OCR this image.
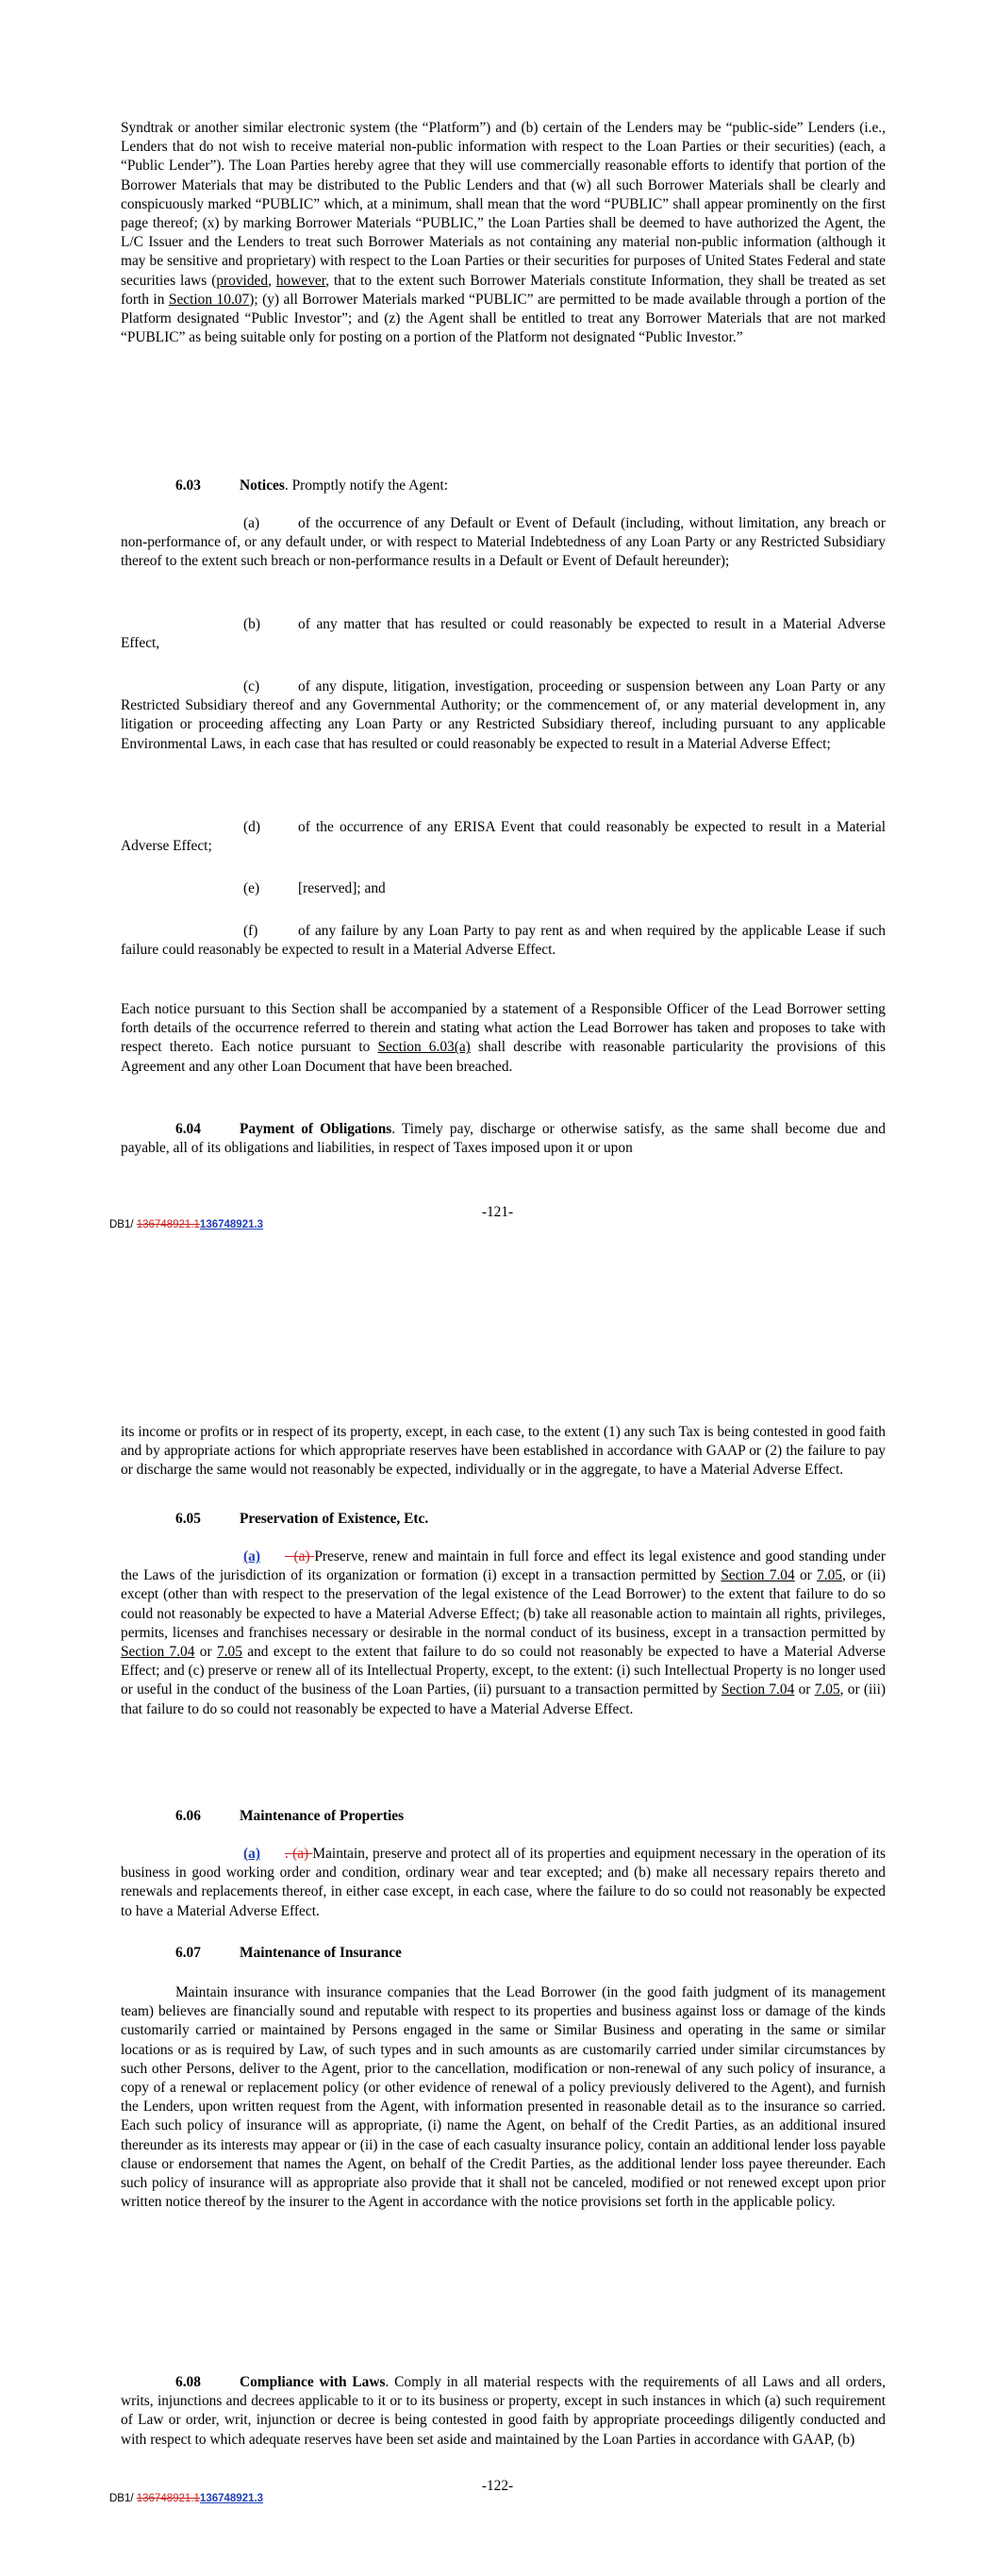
Syndtrak or another similar electronic system (the “Platform”) and (b) certain of the Lenders may be “public-side” Lenders (i.e., Lenders that do not wish to receive material non-public information with respect to the Loan Parties or their securities) (each, a “Public Lender”). The Loan Parties hereby agree that they will use commercially reasonable efforts to identify that portion of the Borrower Materials that may be distributed to the Public Lenders and that (w) all such Borrower Materials shall be clearly and conspicuously marked “PUBLIC” which, at a minimum, shall mean that the word “PUBLIC” shall appear prominently on the first page thereof; (x) by marking Borrower Materials “PUBLIC,” the Loan Parties shall be deemed to have authorized the Agent, the L/C Issuer and the Lenders to treat such Borrower Materials as not containing any material non-public information (although it may be sensitive and proprietary) with respect to the Loan Parties or their securities for purposes of United States Federal and state securities laws (provided, however, that to the extent such Borrower Materials constitute Information, they shall be treated as set forth in Section 10.07); (y) all Borrower Materials marked “PUBLIC” are permitted to be made available through a portion of the Platform designated “Public Investor”; and (z) the Agent shall be entitled to treat any Borrower Materials that are not marked “PUBLIC” as being suitable only for posting on a portion of the Platform not designated “Public Investor.”

6.03	Notices. Promptly notify the Agent:

(a)	of the occurrence of any Default or Event of Default (including, without limitation, any breach or non-performance of, or any default under, or with respect to Material Indebtedness of any Loan Party or any Restricted Subsidiary thereof to the extent such breach or non-performance results in a Default or Event of Default hereunder);

(b)	of any matter that has resulted or could reasonably be expected to result in a Material Adverse Effect,

(c)	of any dispute, litigation, investigation, proceeding or suspension between any Loan Party or any Restricted Subsidiary thereof and any Governmental Authority; or the commencement of, or any material development in, any litigation or proceeding affecting any Loan Party or any Restricted Subsidiary thereof, including pursuant to any applicable Environmental Laws, in each case that has resulted or could reasonably be expected to result in a Material Adverse Effect;

(d)	of the occurrence of any ERISA Event that could reasonably be expected to result in a Material Adverse Effect;

(e)	[reserved]; and

(f)	of any failure by any Loan Party to pay rent as and when required by the applicable Lease if such failure could reasonably be expected to result in a Material Adverse Effect.

Each notice pursuant to this Section shall be accompanied by a statement of a Responsible Officer of the Lead Borrower setting forth details of the occurrence referred to therein and stating what action the Lead Borrower has taken and proposes to take with respect thereto. Each notice pursuant to Section 6.03(a) shall describe with reasonable particularity the provisions of this Agreement and any other Loan Document that have been breached.

6.04	Payment of Obligations. Timely pay, discharge or otherwise satisfy, as the same shall become due and payable, all of its obligations and liabilities, in respect of Taxes imposed upon it or upon

DB1/ 136748921.1136748921.3
-121-

its income or profits or in respect of its property, except, in each case, to the extent (1) any such Tax is being contested in good faith and by appropriate actions for which appropriate reserves have been established in accordance with GAAP or (2) the failure to pay or discharge the same would not reasonably be expected, individually or in the aggregate, to have a Material Adverse Effect.

6.05	Preservation of Existence, Etc.

(a)  (a) Preserve, renew and maintain in full force and effect its legal existence and good standing under the Laws of the jurisdiction of its organization or formation (i) except in a transaction permitted by Section 7.04 or 7.05, or (ii) except (other than with respect to the preservation of the legal existence of the Lead Borrower) to the extent that failure to do so could not reasonably be expected to have a Material Adverse Effect; (b) take all reasonable action to maintain all rights, privileges, permits, licenses and franchises necessary or desirable in the normal conduct of its business, except in a transaction permitted by Section 7.04 or 7.05 and except to the extent that failure to do so could not reasonably be expected to have a Material Adverse Effect; and (c) preserve or renew all of its Intellectual Property, except, to the extent: (i) such Intellectual Property is no longer used or useful in the conduct of the business of the Loan Parties, (ii) pursuant to a transaction permitted by Section 7.04 or 7.05, or (iii) that failure to do so could not reasonably be expected to have a Material Adverse Effect.

6.06	Maintenance of Properties

(a) . (a) Maintain, preserve and protect all of its properties and equipment necessary in the operation of its business in good working order and condition, ordinary wear and tear excepted; and (b) make all necessary repairs thereto and renewals and replacements thereof, in either case except, in each case, where the failure to do so could not reasonably be expected to have a Material Adverse Effect.

6.07	Maintenance of Insurance

Maintain insurance with insurance companies that the Lead Borrower (in the good faith judgment of its management team) believes are financially sound and reputable with respect to its properties and business against loss or damage of the kinds customarily carried or maintained by Persons engaged in the same or Similar Business and operating in the same or similar locations or as is required by Law, of such types and in such amounts as are customarily carried under similar circumstances by such other Persons, deliver to the Agent, prior to the cancellation, modification or non-renewal of any such policy of insurance, a copy of a renewal or replacement policy (or other evidence of renewal of a policy previously delivered to the Agent), and furnish the Lenders, upon written request from the Agent, with information presented in reasonable detail as to the insurance so carried. Each such policy of insurance will as appropriate, (i) name the Agent, on behalf of the Credit Parties, as an additional insured thereunder as its interests may appear or (ii) in the case of each casualty insurance policy, contain an additional lender loss payable clause or endorsement that names the Agent, on behalf of the Credit Parties, as the additional lender loss payee thereunder. Each such policy of insurance will as appropriate also provide that it shall not be canceled, modified or not renewed except upon prior written notice thereof by the insurer to the Agent in accordance with the notice provisions set forth in the applicable policy.

6.08	Compliance with Laws. Comply in all material respects with the requirements of all Laws and all orders, writs, injunctions and decrees applicable to it or to its business or property, except in such instances in which (a) such requirement of Law or order, writ, injunction or decree is being contested in good faith by appropriate proceedings diligently conducted and with respect to which adequate reserves have been set aside and maintained by the Loan Parties in accordance with GAAP, (b)

DB1/ 136748921.1136748921.3
-122-
